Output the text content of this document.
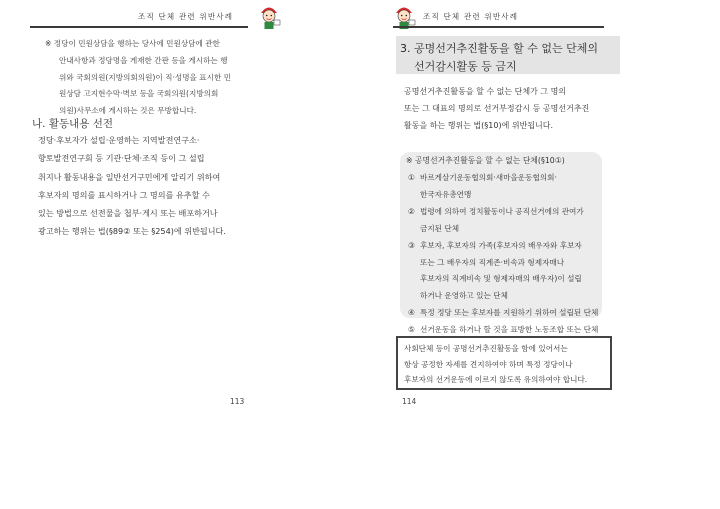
조직 단체 관련 위반사례
※ 정당이 민원상담을 행하는 당사에 민원상담에 관한
안내사항과 정당명을 게재한 간판 등을 게시하는 행
위와 국회의원(지방의회의원)이 직·성명을 표시한 민
원상담 고지현수막·벽보 등을 국회의원(지방의회
의원)사무소에 게시하는 것은 무방합니다.
나. 활동내용 선전
정당·후보자가 설립·운영하는 지역발전연구소·
향토발전연구회 등 기관·단체·조직 등이 그 설립
취지나 활동내용을 일반선거구민에게 알리기 위하여
후보자의 명의를 표시하거나 그 명의를 유추할 수
있는 방법으로 선전물을 첩부·게시 또는 배포하거나
광고하는 행위는 법(§89② 또는 §254)에 위반됩니다.
113
조직 단체 관련 위반사례
3. 공명선거추진활동을 할 수 없는 단체의
선거감시활동 등 금지
공명선거추진활동을 할 수 없는 단체가 그 명의
또는 그 대표의 명의로 선거부정감시 등 공명선거추진
활동을 하는 행위는 법(§10)에 위반됩니다.
※ 공명선거추진활동을 할 수 없는 단체(§10①)
① 바르게살기운동협의회·새마을운동협의회·
한국자유총연맹
② 법령에 의하여 정치활동이나 공직선거에의 관여가
금지된 단체
③ 후보자, 후보자의 가족(후보자의 배우자와 후보자
또는 그 배우자의 직계존·비속과 형제자매나
후보자의 직계비속 및 형제자매의 배우자)이 설립
하거나 운영하고 있는 단체
④ 특정 정당 또는 후보자를 지원하기 위하여 설립된 단체
⑤ 선거운동을 하거나 할 것을 표방한 노동조합 또는 단체
사회단체 등이 공명선거추진활동을 함에 있어서는
항상 공정한 자세를 견지하여야 하며 특정 정당이나
후보자의 선거운동에 이르지 않도록 유의하여야 합니다.
114
